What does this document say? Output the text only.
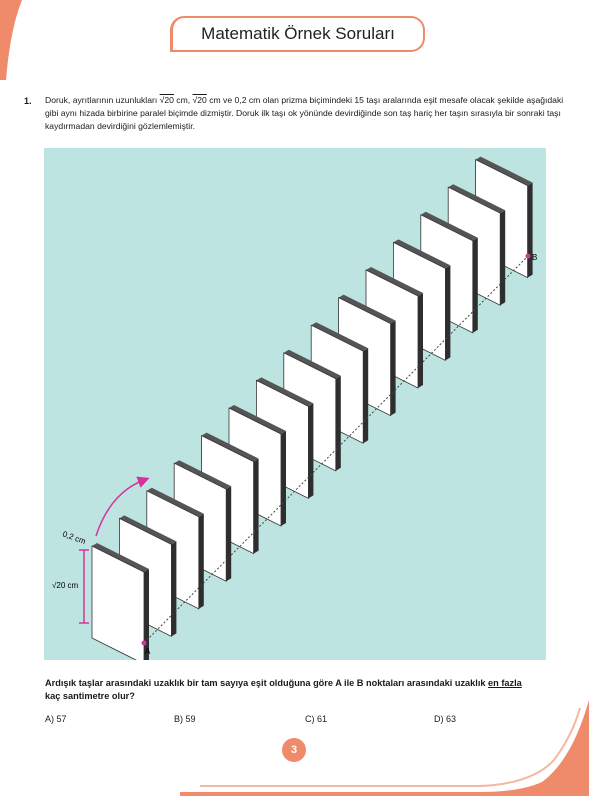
Matematik Örnek Soruları
1. Doruk, ayrıtlarının uzunlukları √20 cm, √20 cm ve 0,2 cm olan prizma biçimindeki 15 taşı aralarında eşit mesafe olacak şekilde aşağıdaki gibi aynı hizada birbirine paralel biçimde dizmiştir. Doruk ilk taşı ok yönünde devirdiğinde son taş hariç her taşın sırasıyla bir sonraki taşı kaydırmadan devirdiğini gözlemlemiştir.
√20 cm
0,2 cm
A
B
Ardışık taşlar arasındaki uzaklık bir tam sayıya eşit olduğuna göre A ile B noktaları arasındaki uzaklık en fazla
kaç santimetre olur?
A) 57	B) 59	C) 61	D) 63
3
